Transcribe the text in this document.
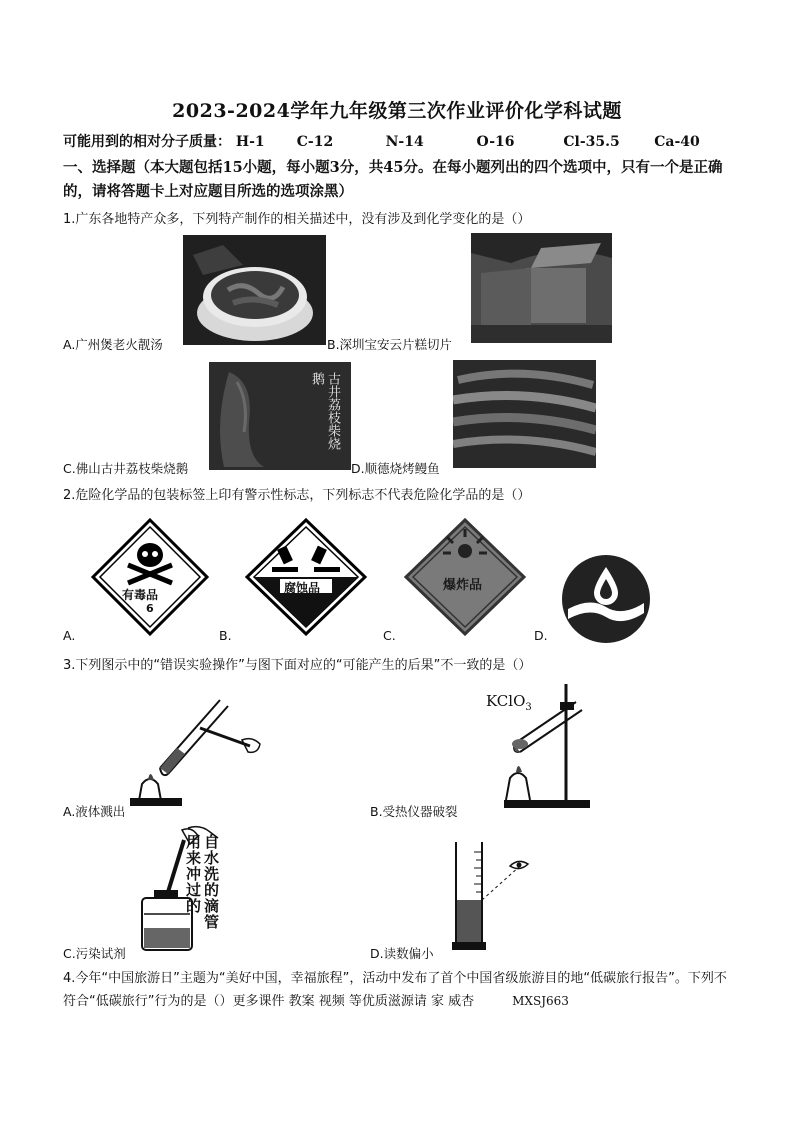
2023-2024学年九年级第三次作业评价化学科试题
可能用到的相对分子质量： H-1 C-12	N-14	O-16	Cl-35.5 Ca-40
一、选择题（本大题包括15小题，每小题3分，共45分。在每小题列出的四个选项中，只有一个是正确的，请将答题卡上对应题目所选的选项涂黑）
1.广东各地特产众多，下列特产制作的相关描述中，没有涉及到化学变化的是（）
A.广州煲老火靓汤	B.深圳宝安云片糕切片
古井荔枝柴烧鹅
C.佛山古井荔枝柴烧鹅	D.顺德烧烤鳗鱼
2.危险化学品的包装标签上印有警示性标志，下列标志不代表危险化学品的是（）
有毒品
6
A.
腐蚀品
B.
爆炸品
C.	D.
3.下列图示中的“错误实验操作”与图下面对应的“可能产生的后果”不一致的是（）
A.液体溅出
KClO$_3$
B.受热仪器破裂
用
来
冲
过
的
自
水
洗
的
滴
管
C.污染试剂	D.读数偏小
4.今年“中国旅游日”主题为“美好中国，幸福旅程”，活动中发布了首个中国省级旅游目的地“低碳旅行报告”。下列不符合“低碳旅行”行为的是（）更多课件 教案 视频 等优质滋源请 家 威杏	MXSJ663
